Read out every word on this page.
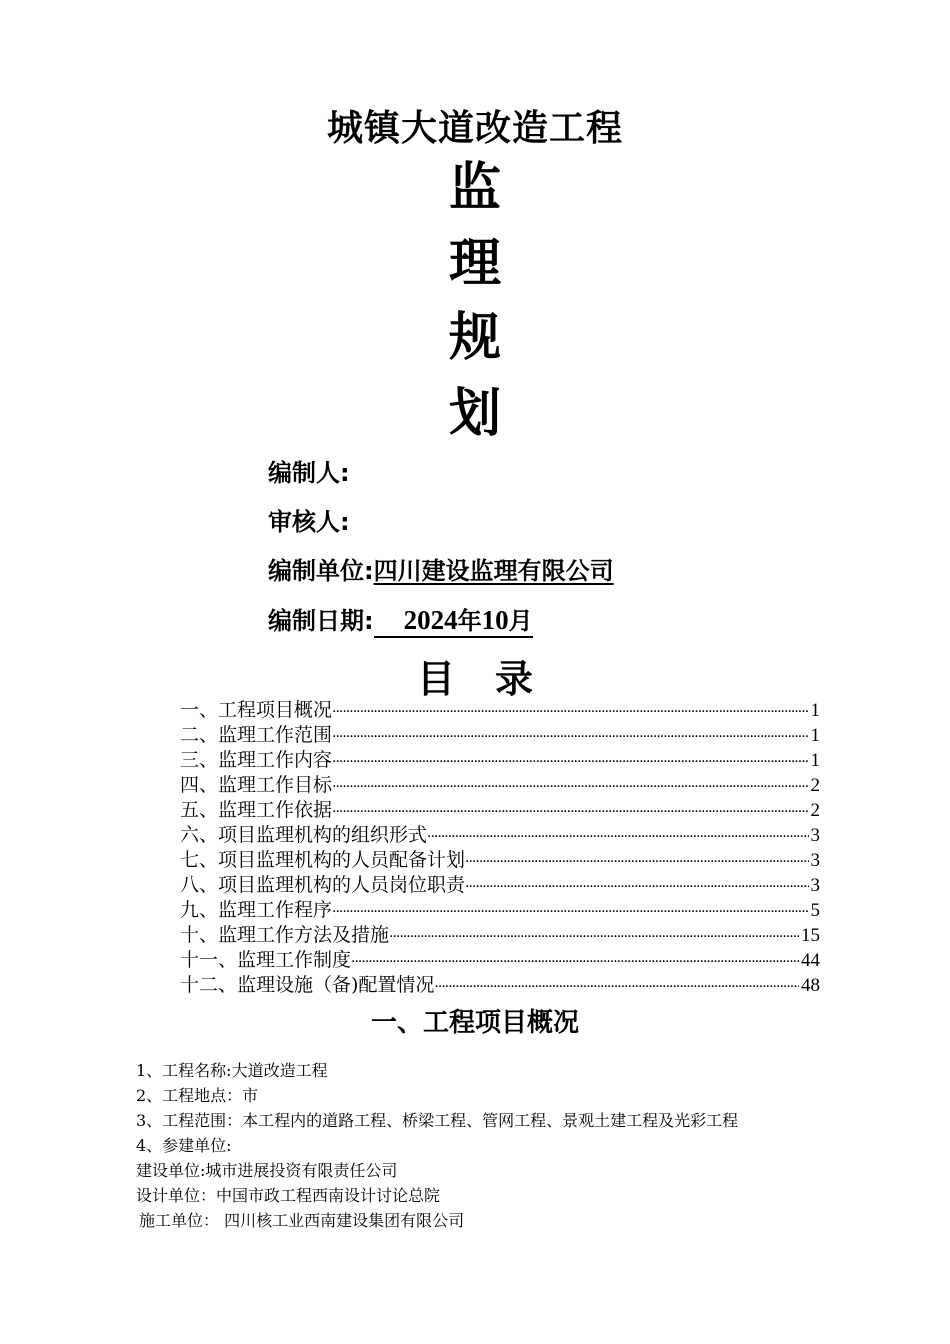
城镇大道改造工程
监
理
规
划
编制人:
审核人:
编制单位:四川建设监理有限公司
编制日期: 2024年10月
目录
一、工程项目概况 ·····	1
二、监理工作范围 ·····	1
三、监理工作内容 ·····	1
四、监理工作目标 ·····	2
五、监理工作依据 ·····	2
六、项目监理机构的组织形式 ·····	3
七、项目监理机构的人员配备计划 ·····	3
八、项目监理机构的人员岗位职责 ·····	3
九、监理工作程序 ·····	5
十、监理工作方法及措施 ·····	15
十一、监理工作制度 ·····	44
十二、监理设施（备)配置情况 ·····	48
一、工程项目概况
1、工程名称:大道改造工程
2、工程地点：市
3、工程范围：本工程内的道路工程、桥梁工程、管网工程、景观土建工程及光彩工程
4、参建单位:
建设单位:城市进展投资有限责任公司
设计单位：中国市政工程西南设计讨论总院
施工单位： 四川核工业西南建设集团有限公司
